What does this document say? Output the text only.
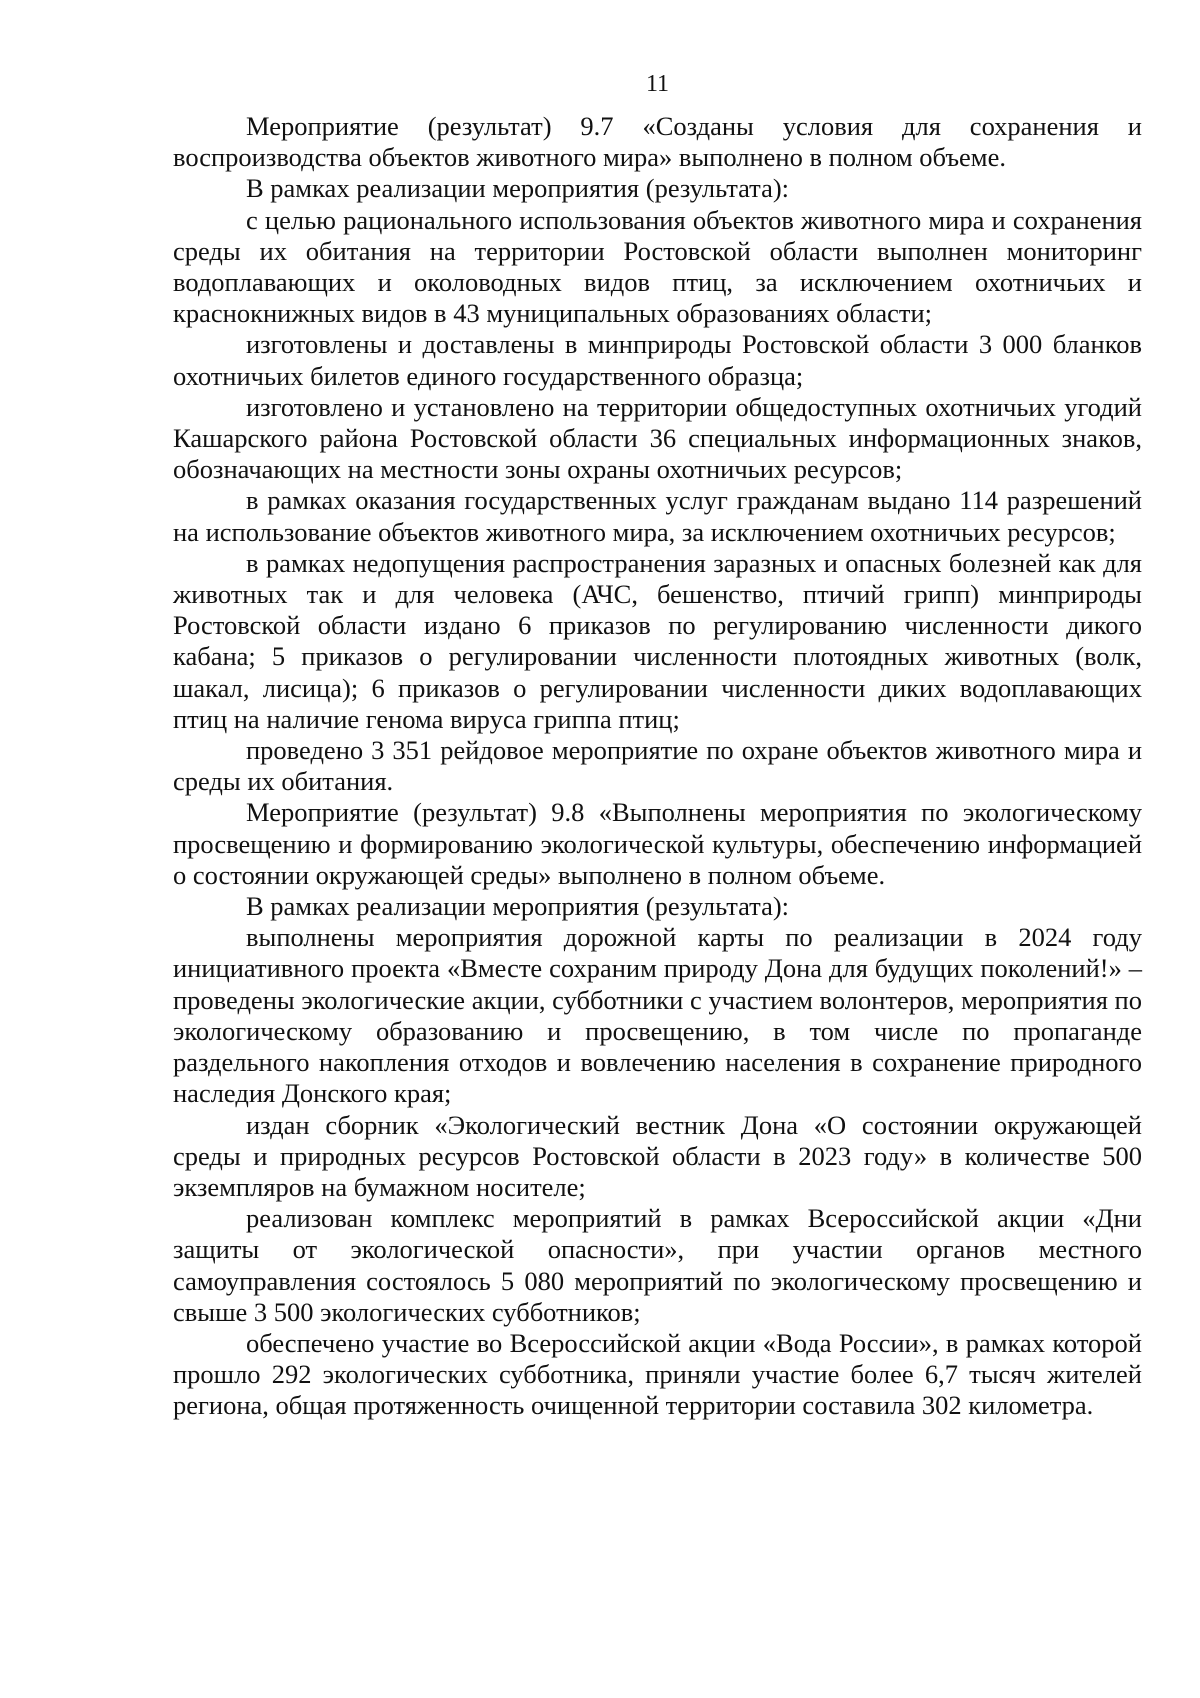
11

Мероприятие (результат) 9.7 «Созданы условия для сохранения и воспроизводства объектов животного мира» выполнено в полном объеме.

В рамках реализации мероприятия (результата):

с целью рационального использования объектов животного мира и сохранения среды их обитания на территории Ростовской области выполнен мониторинг водоплавающих и околоводных видов птиц, за исключением охотничьих и краснокнижных видов в 43 муниципальных образованиях области;

изготовлены и доставлены в минприроды Ростовской области 3 000 бланков охотничьих билетов единого государственного образца;

изготовлено и установлено на территории общедоступных охотничьих угодий Кашарского района Ростовской области 36 специальных информационных знаков, обозначающих на местности зоны охраны охотничьих ресурсов;

в рамках оказания государственных услуг гражданам выдано 114 разрешений на использование объектов животного мира, за исключением охотничьих ресурсов;

в рамках недопущения распространения заразных и опасных болезней как для животных так и для человека (АЧС, бешенство, птичий грипп) минприроды Ростовской области издано 6 приказов по регулированию численности дикого кабана; 5 приказов о регулировании численности плотоядных животных (волк, шакал, лисица); 6 приказов о регулировании численности диких водоплавающих птиц на наличие генома вируса гриппа птиц;

проведено 3 351 рейдовое мероприятие по охране объектов животного мира и среды их обитания.

Мероприятие (результат) 9.8 «Выполнены мероприятия по экологическому просвещению и формированию экологической культуры, обеспечению информацией о состоянии окружающей среды» выполнено в полном объеме.

В рамках реализации мероприятия (результата):

выполнены мероприятия дорожной карты по реализации в 2024 году инициативного проекта «Вместе сохраним природу Дона для будущих поколений!» – проведены экологические акции, субботники с участием волонтеров, мероприятия по экологическому образованию и просвещению, в том числе по пропаганде раздельного накопления отходов и вовлечению населения в сохранение природного наследия Донского края;

издан сборник «Экологический вестник Дона «О состоянии окружающей среды и природных ресурсов Ростовской области в 2023 году» в количестве 500 экземпляров на бумажном носителе;

реализован комплекс мероприятий в рамках Всероссийской акции «Дни защиты от экологической опасности», при участии органов местного самоуправления состоялось 5 080 мероприятий по экологическому просвещению и свыше 3 500 экологических субботников;

обеспечено участие во Всероссийской акции «Вода России», в рамках которой прошло 292 экологических субботника, приняли участие более 6,7 тысяч жителей региона, общая протяженность очищенной территории составила 302 километра.
